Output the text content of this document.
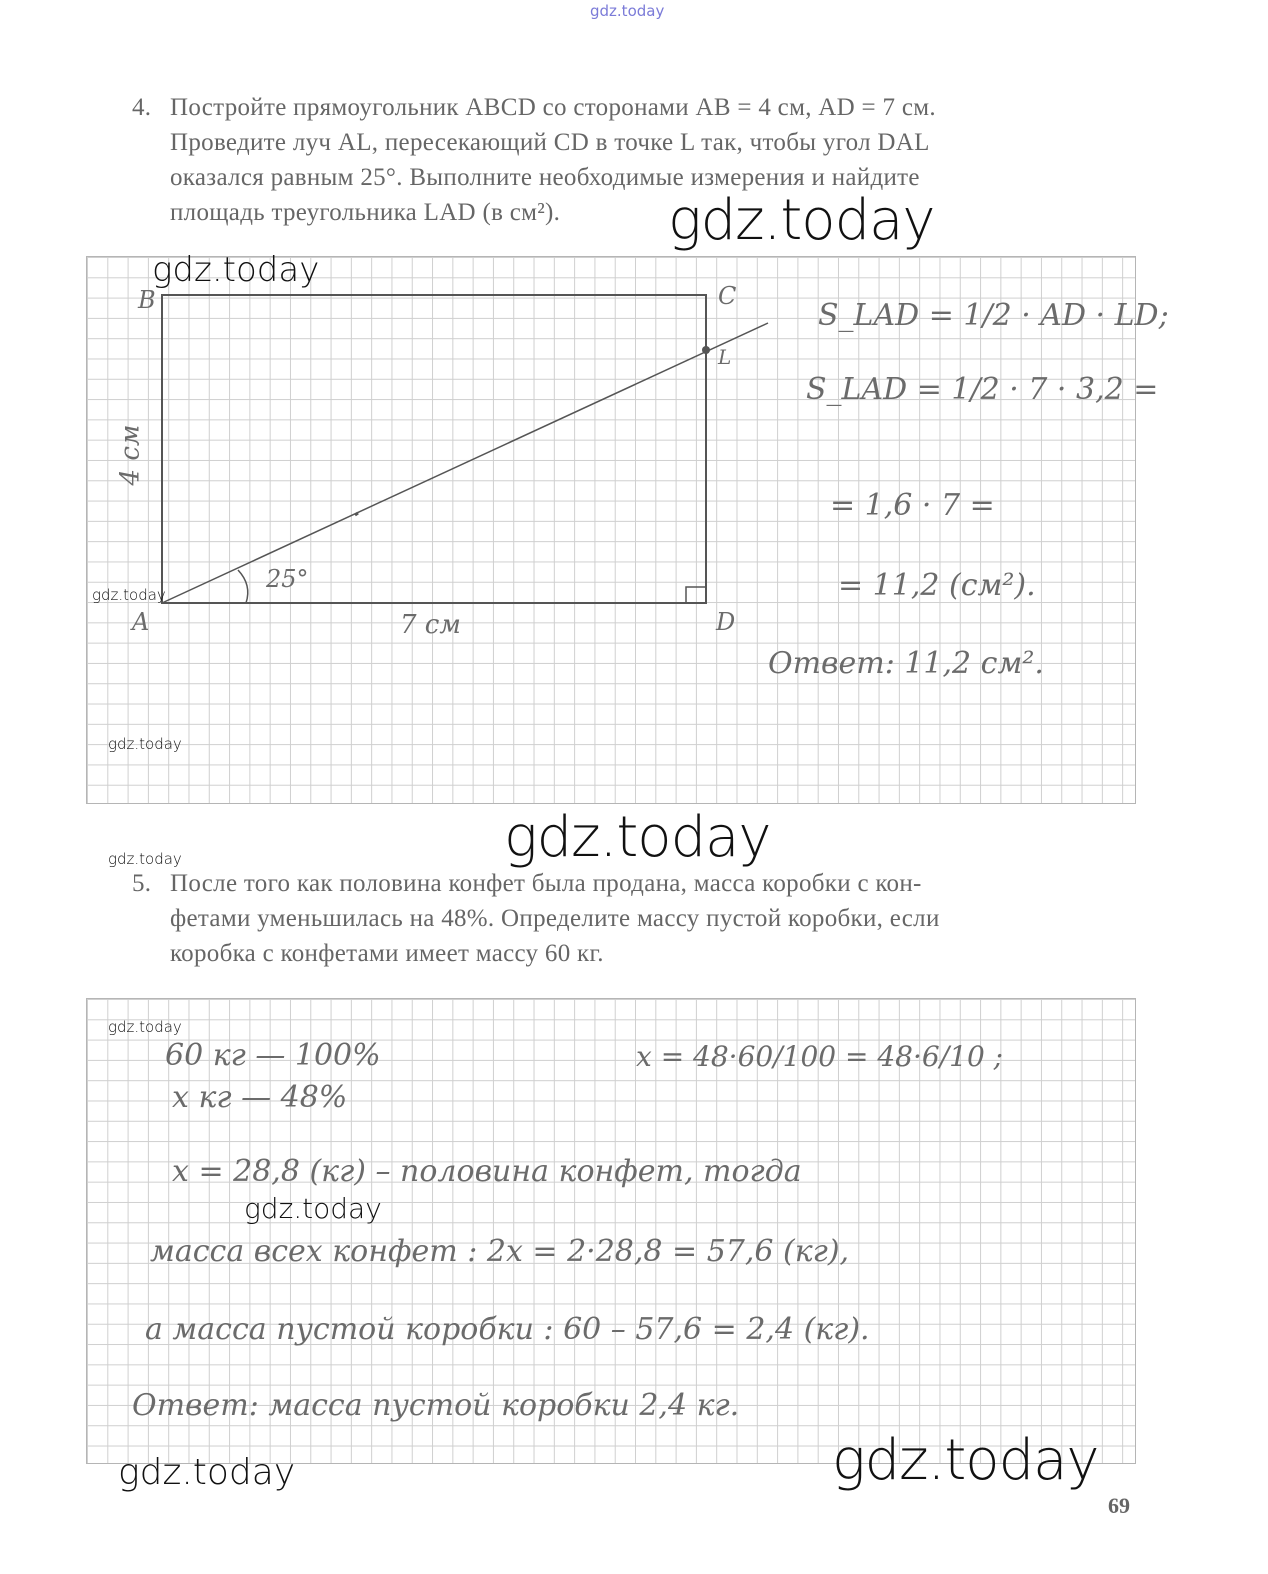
gdz.today
4. Постройте прямоугольник ABCD со сторонами AB = 4 см, AD = 7 см.
Проведите луч AL, пересекающий CD в точке L так, чтобы угол DAL
оказался равным 25°. Выполните необходимые измерения и найдите
площадь треугольника LAD (в см²).
B	C
L
A	D
4 см
7 см
25°
S_LAD = 1/2 · AD · LD;
S_LAD = 1/2 · 7 · 3,2 =
= 1,6 · 7 =
= 11,2 (см²).
Ответ: 11,2 см².
5. После того как половина конфет была продана, масса коробки с кон-
фетами уменьшилась на 48%. Определите массу пустой коробки, если
коробка с конфетами имеет массу 60 кг.
60 кг — 100%
x кг — 48%
x = 48·60/100 = 48·6/10 ;
x = 28,8 (кг) – половина конфет, тогда
масса всех конфет : 2x = 2·28,8 = 57,6 (кг),
а масса пустой коробки : 60 – 57,6 = 2,4 (кг).
Ответ: масса пустой коробки 2,4 кг.
gdz.today
gdz.today
gdz.today
gdz.today
gdz.today
gdz.today
gdz.today
gdz.today
gdz.today	gdz.today
69
